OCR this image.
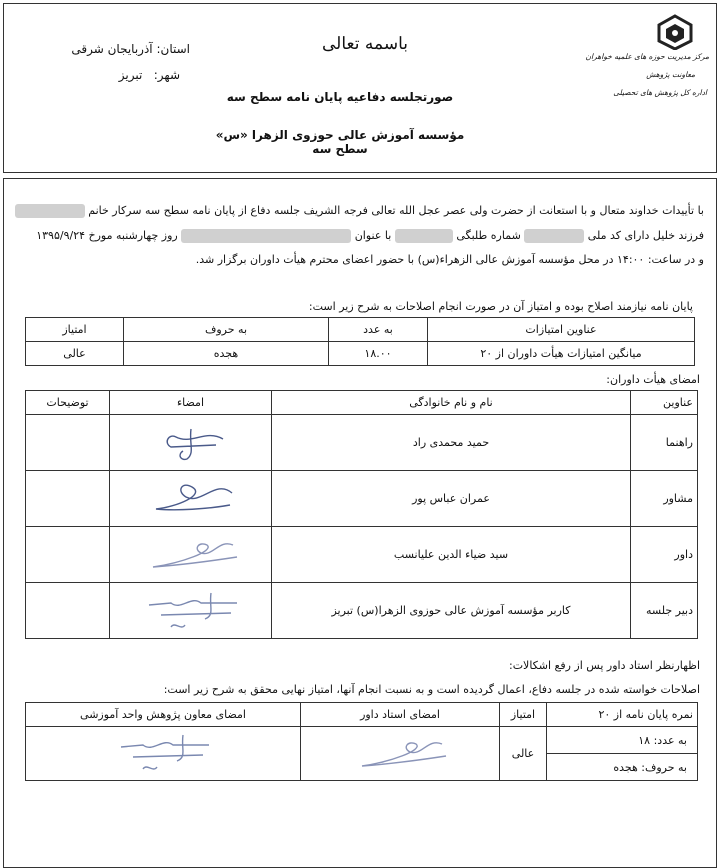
باسمه تعالی
استان: آذربایجان شرقی
شهر:   تبریز
مرکز مدیریت حوزه های علمیه خواهران
معاونت پژوهش
اداره کل پژوهش های تحصیلی
صورتجلسه دفاعیه پایان نامه سطح سه
مؤسسه آموزش عالی حوزوی الزهرا «س» سطح سه
با تأییدات خداوند متعال و با استعانت از حضرت ولی عصر عجل الله تعالی فرجه الشریف جلسه دفاع از پایان نامه سطح سه سرکار خانم
فرزند خلیل دارای کد ملی  شماره طلبگی  با عنوان  روز چهارشنبه مورخ ۱۳۹۵/۹/۲۴
و در ساعت: ۱۴:۰۰ در محل مؤسسه آموزش عالی الزهراء(س) با حضور اعضای محترم هیأت داوران برگزار شد.
پایان نامه نیازمند اصلاح بوده و امتیاز آن در صورت انجام اصلاحات به شرح زیر است:
عناوین امتیازات	به عدد	به حروف	امتیاز
میانگین امتیازات هیأت داوران از ۲۰	۱۸.۰۰	هجده	عالی
امضای هیأت داوران:
عناوین	نام و نام خانوادگی	امضاء	توضیحات
راهنما	حمید محمدی راد		
مشاور	عمران عباس پور		
داور	سید ضیاء الدین علیانسب		
دبیر جلسه	کاربر مؤسسه آموزش عالی حوزوی الزهرا(س) تبریز		
اظهارنظر استاد داور پس از رفع اشکالات:
اصلاحات خواسته شده در جلسه دفاع، اعمال گردیده است و به نسبت انجام آنها، امتیاز نهایی محقق به شرح زیر است:
نمره پایان نامه از ۲۰	امتیاز	امضای استاد داور	امضای معاون پژوهش واحد آموزشی
به عدد: ۱۸	عالی		
به حروف: هجده			
